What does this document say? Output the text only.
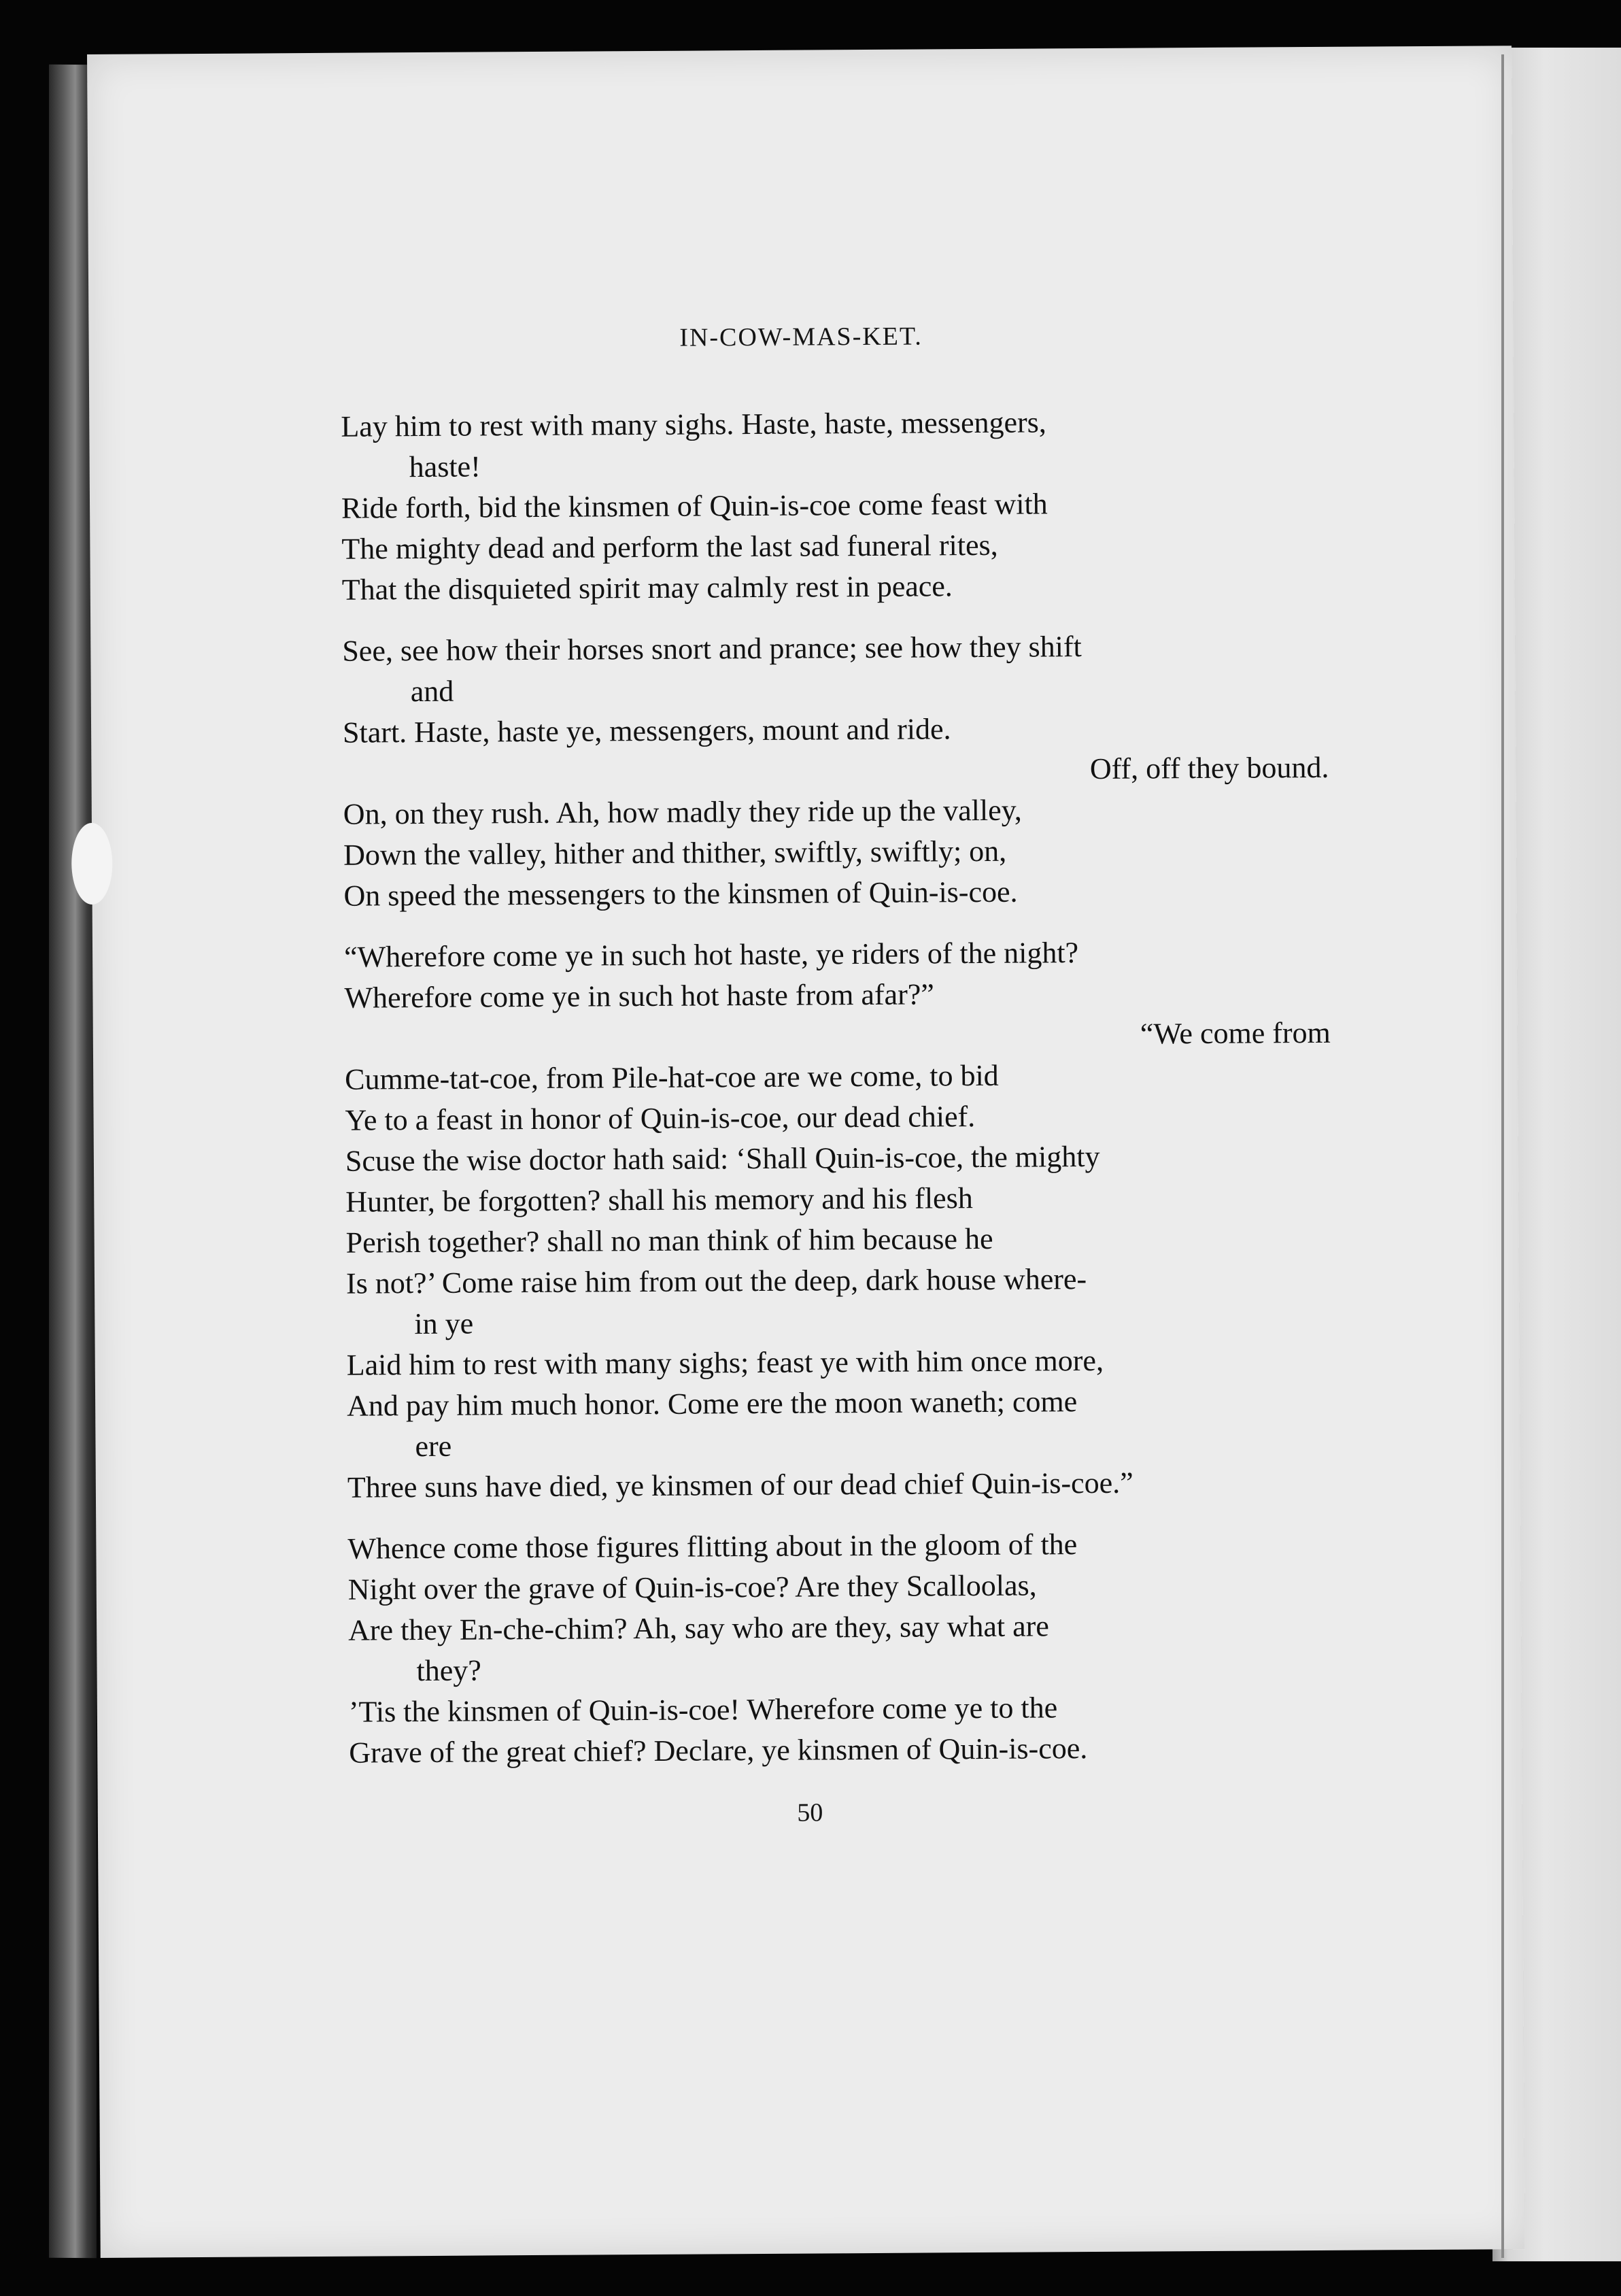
IN-COW-MAS-KET.

Lay him to rest with many sighs. Haste, haste, messengers,

haste!

Ride forth, bid the kinsmen of Quin-is-coe come feast with

The mighty dead and perform the last sad funeral rites,

That the disquieted spirit may calmly rest in peace.

See, see how their horses snort and prance; see how they shift

and

Start. Haste, haste ye, messengers, mount and ride.

Off, off they bound.

On, on they rush. Ah, how madly they ride up the valley,

Down the valley, hither and thither, swiftly, swiftly; on,

On speed the messengers to the kinsmen of Quin-is-coe.

“Wherefore come ye in such hot haste, ye riders of the night?

Wherefore come ye in such hot haste from afar?”

“We come from

Cumme-tat-coe, from Pile-hat-coe are we come, to bid

Ye to a feast in honor of Quin-is-coe, our dead chief.

Scuse the wise doctor hath said: ‘Shall Quin-is-coe, the mighty

Hunter, be forgotten? shall his memory and his flesh

Perish together? shall no man think of him because he

Is not?’ Come raise him from out the deep, dark house where-

in ye

Laid him to rest with many sighs; feast ye with him once more,

And pay him much honor. Come ere the moon waneth; come

ere

Three suns have died, ye kinsmen of our dead chief Quin-is-coe.”

Whence come those figures flitting about in the gloom of the

Night over the grave of Quin-is-coe? Are they Scalloolas,

Are they En-che-chim? Ah, say who are they, say what are

they?

’Tis the kinsmen of Quin-is-coe! Wherefore come ye to the

Grave of the great chief? Declare, ye kinsmen of Quin-is-coe.

50
